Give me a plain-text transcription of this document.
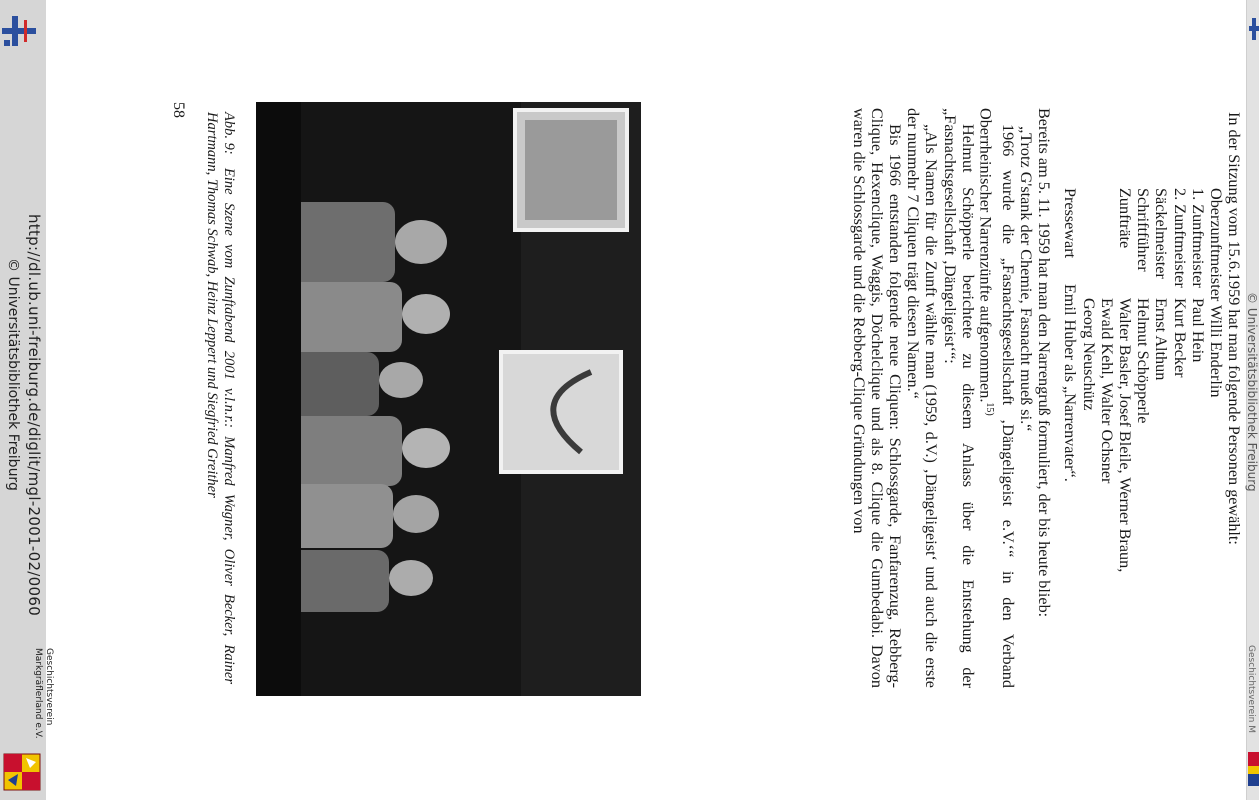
© Universitätsbibliothek Freiburg

In der Sitzung vom 15.6.1959 hat man folgende Personen gewählt:

Oberzunftmeister Willi Enderlin
1. Zunftmeister
Paul Hein
2. Zunftmeister
Kurt Becker
Säckelmeister
Ernst Althun
Schriftführer
Helmut Schöpperle
Zunfträte
Walter Basler, Josef Bleile, Werner Braun,
Ewald Kehl, Walter Ochsner
Georg Neuschütz
Pressewart
Emil Huber als „Narrenvater“.

Bereits am 5. 11. 1959 hat man den Narrengruß formuliert, der bis heute blieb:

„Trotz G'stank der Chemie, Fasnacht mueß si.“

1966 wurde die „Fasnachtsgesellschaft ‚Dängeligeist e.V.‘“ in den Verband Oberrheinischer Narrenzünfte aufgenommen.$^{15)}$

Helmut Schöpperle berichtete zu diesem Anlass über die Entstehung der „Fasnachtsgesellschaft ‚Dängeligeist‘“:

„Als Namen für die Zunft wählte man (1959, d.V.) ‚Dängeligeist‘ und auch die erste der nunmehr 7 Cliquen trägt diesen Namen.“

Bis 1966 entstanden folgende neue Cliquen: Schlossgarde, Fanfarenzug, Rebberg-Clique, Hexenclique, Waggis, Döchelclique und als 8. Clique die Gumbedabi. Davon waren die Schlossgarde und die Rebberg-Clique Gründungen von

Abb. 9:Eine Szene vom Zunftabend 2001 v.l.n.r.: Manfred Wagner, Oliver Becker, Rainer Hartmann, Thomas Schwab, Heinz Leppert und Siegfried Greither
58
http://dl.ub.uni-freiburg.de/diglit/mgl-2001-02/0060
© Universitätsbibliothek Freiburg
Geschichtsverein
Markgräflerland e.V.	Geschichtsverein M
